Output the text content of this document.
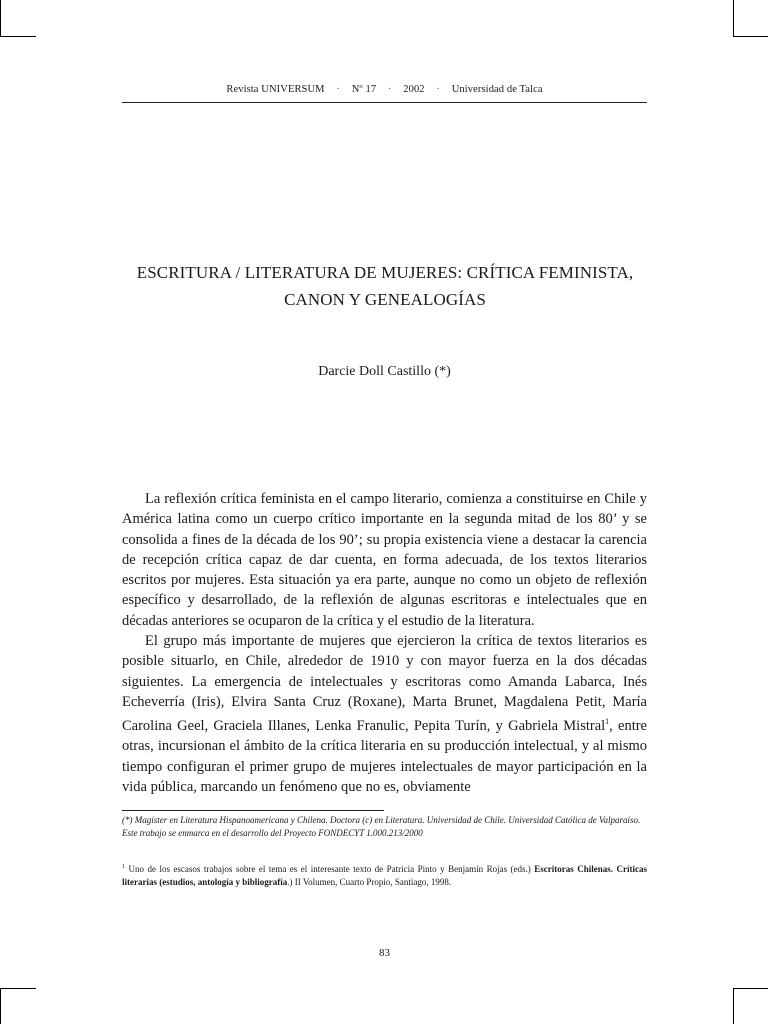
Revista UNIVERSUM · Nº 17 · 2002 · Universidad de Talca
ESCRITURA / LITERATURA DE MUJERES: CRÍTICA FEMINISTA,
CANON Y GENEALOGÍAS
Darcie Doll Castillo (*)

La reflexión crítica feminista en el campo literario, comienza a constituirse en Chile y América latina como un cuerpo crítico importante en la segunda mitad de los 80’ y se consolida a fines de la década de los 90’; su propia existencia viene a destacar la carencia de recepción crítica capaz de dar cuenta, en forma adecuada, de los textos literarios escritos por mujeres. Esta situación ya era parte, aunque no como un objeto de reflexión específico y desarrollado, de la reflexión de algunas escritoras e intelectuales que en décadas anteriores se ocuparon de la crítica y el estudio de la literatura.

El grupo más importante de mujeres que ejercieron la crítica de textos literarios es posible situarlo, en Chile, alrededor de 1910 y con mayor fuerza en la dos décadas siguientes. La emergencia de intelectuales y escritoras como Amanda Labarca, Inés Echeverría (Iris), Elvira Santa Cruz (Roxane), Marta Brunet, Magdalena Petit, María Carolina Geel, Graciela Illanes, Lenka Franulic, Pepita Turín, y Gabriela Mistral$^1$, entre otras, incursionan el ámbito de la crítica literaria en su producción intelectual, y al mismo tiempo configuran el primer grupo de mujeres intelectuales de mayor participación en la vida pública, marcando un fenómeno que no es, obviamente

(*) Magíster en Literatura Hispanoamericana y Chilena. Doctora (c) en Literatura. Universidad de Chile. Universidad Católica de Valparaíso.
Este trabajo se enmarca en el desarrollo del Proyecto FONDECYT 1.000.213/2000
$^1$ Uno de los escasos trabajos sobre el tema es el interesante texto de Patricia Pinto y Benjamín Rojas (eds.) Escritoras Chilenas. Críticas literarias (estudios, antología y bibliografía.) II Volumen, Cuarto Propio, Santiago, 1998.
83
